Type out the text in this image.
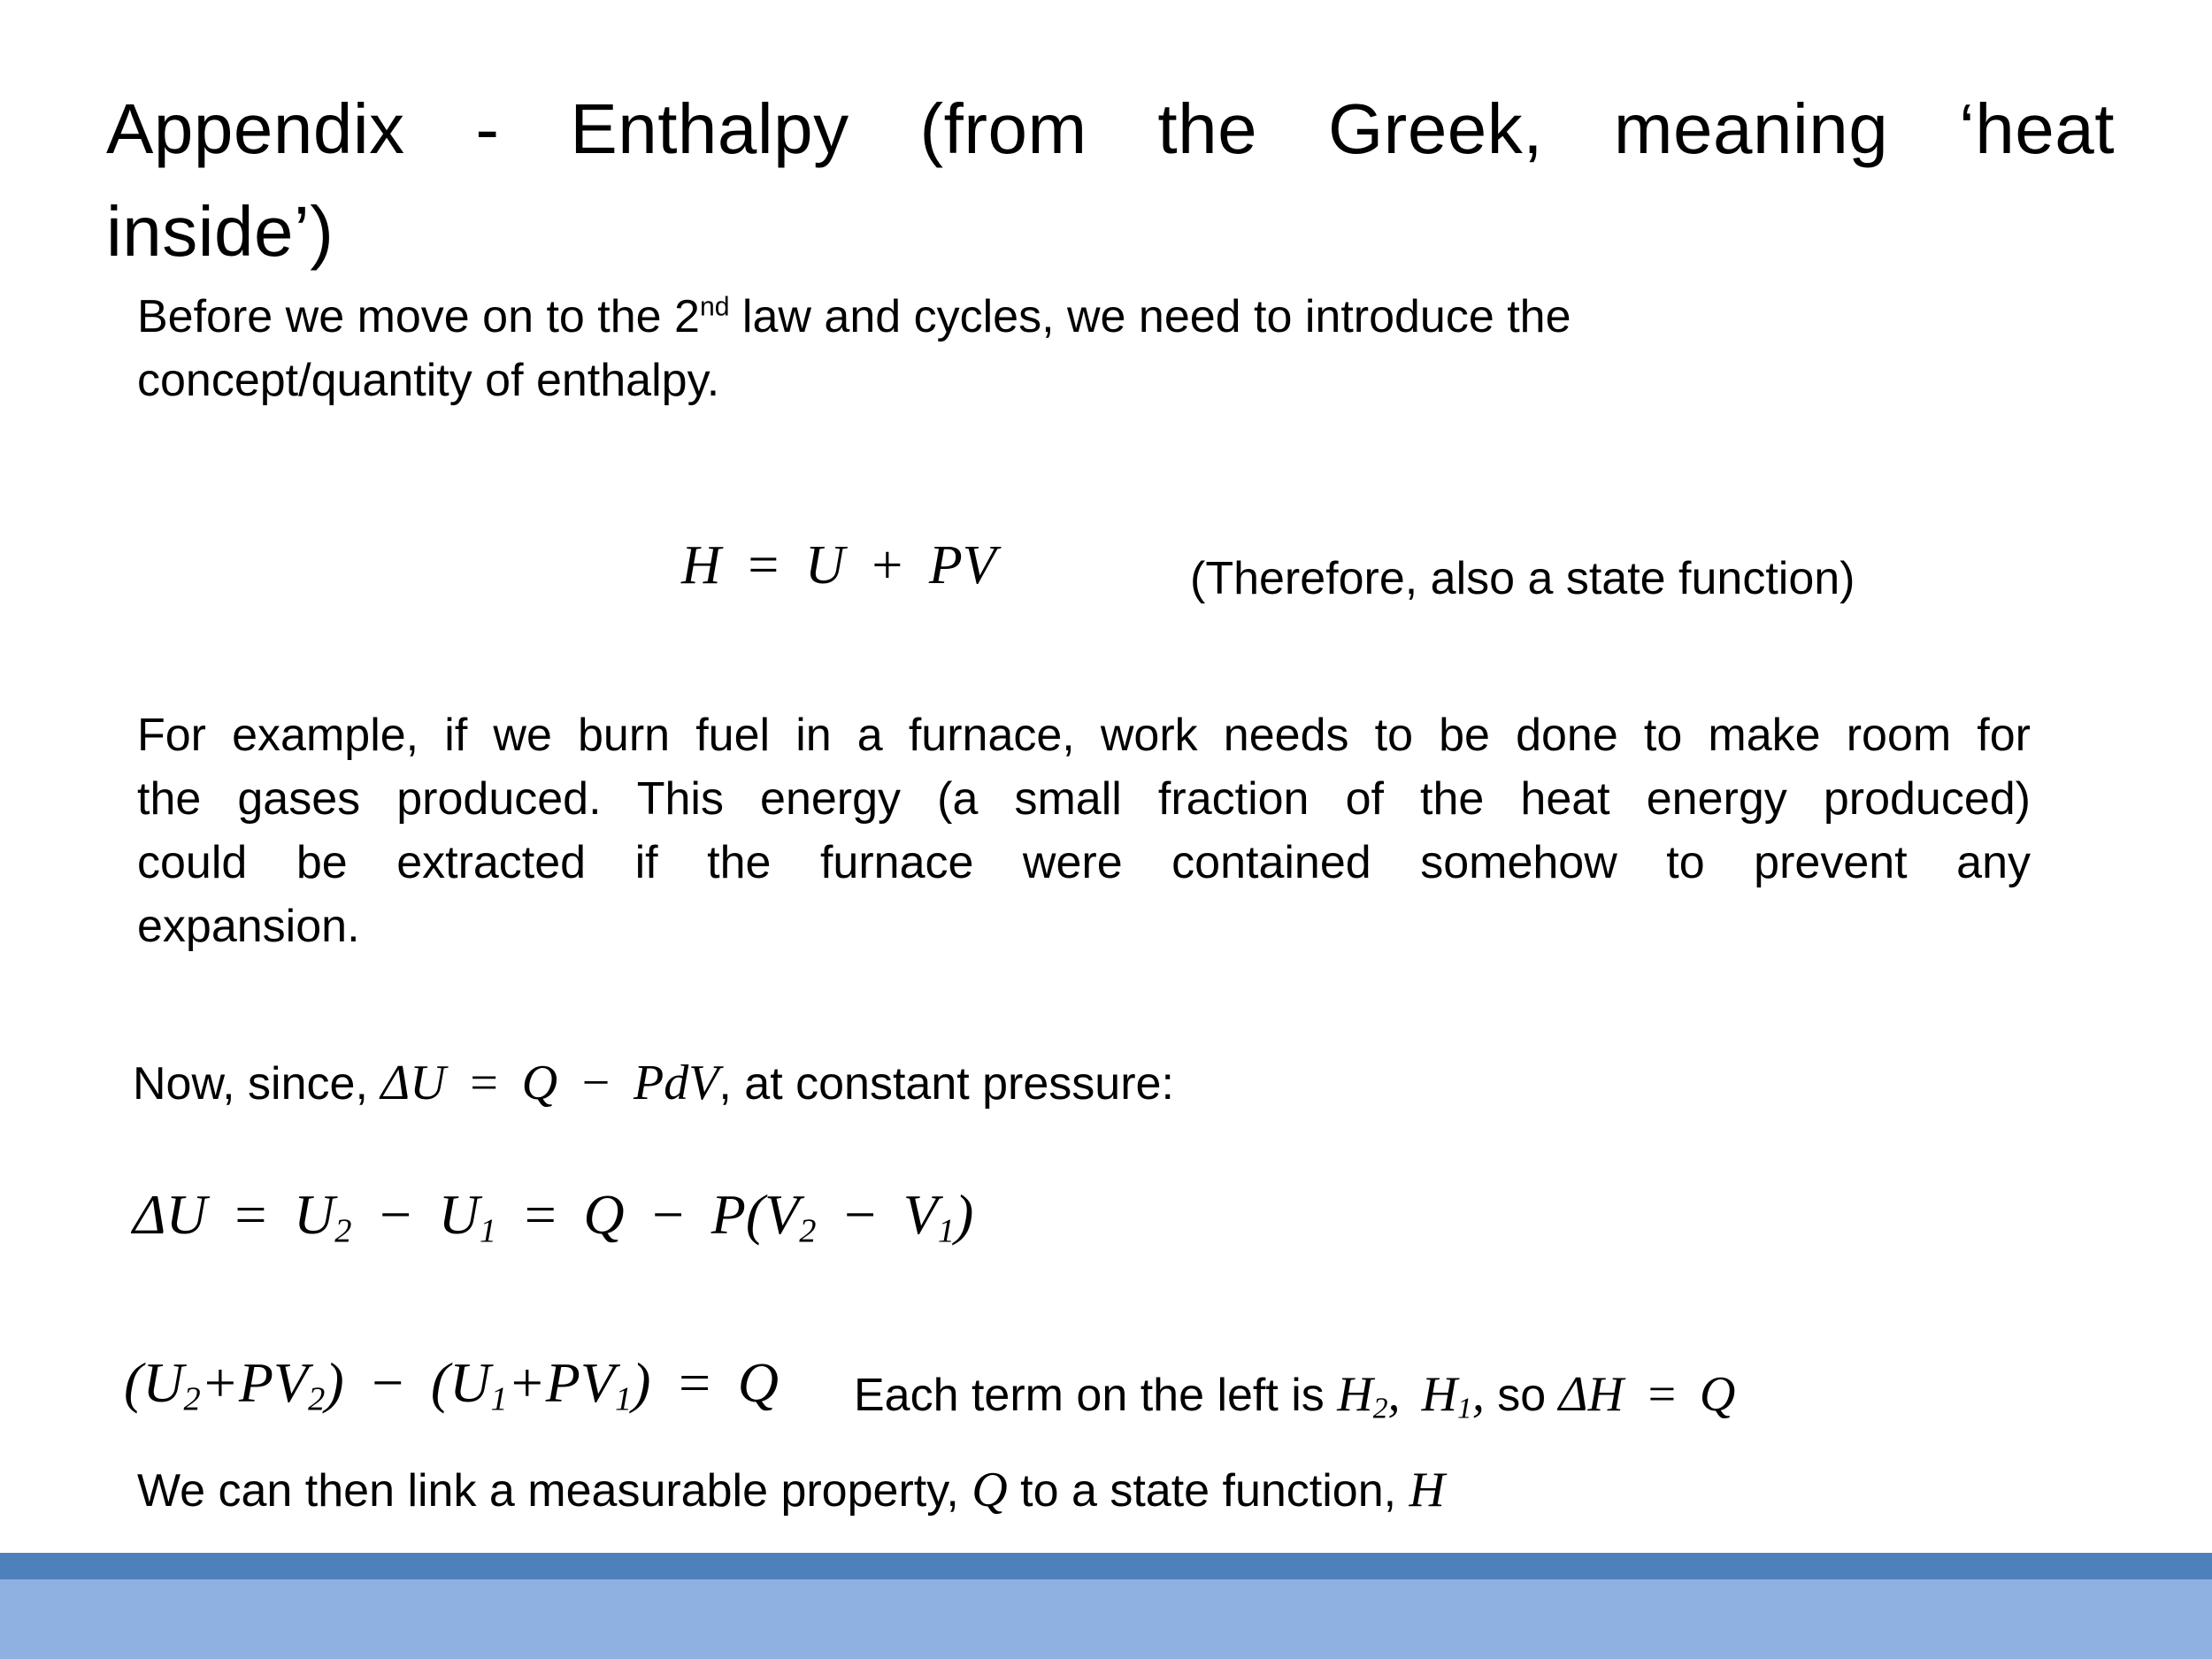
Appendix - Enthalpy (from the Greek, meaning ‘heat
inside’)
Before we move on to the 2nd law and cycles, we need to introduce the
concept/quantity of enthalpy.
H = U + PV	(Therefore, also a state function)
For example, if we burn fuel in a furnace, work needs to be done to make room for
the gases produced. This energy (a small fraction of the heat energy produced)
could be extracted if the furnace were contained somehow to prevent any
expansion.
Now, since, ΔU = Q − PdV, at constant pressure:
$\Delta U = U_2 - U_1 = Q - P(V_2 - V_1)$
$(U_2+PV_2) - (U_1+PV_1) = Q$ Each term on the left is $H_2$, $H_1$, so ΔH = Q
We can then link a measurable property, Q to a state function, H
